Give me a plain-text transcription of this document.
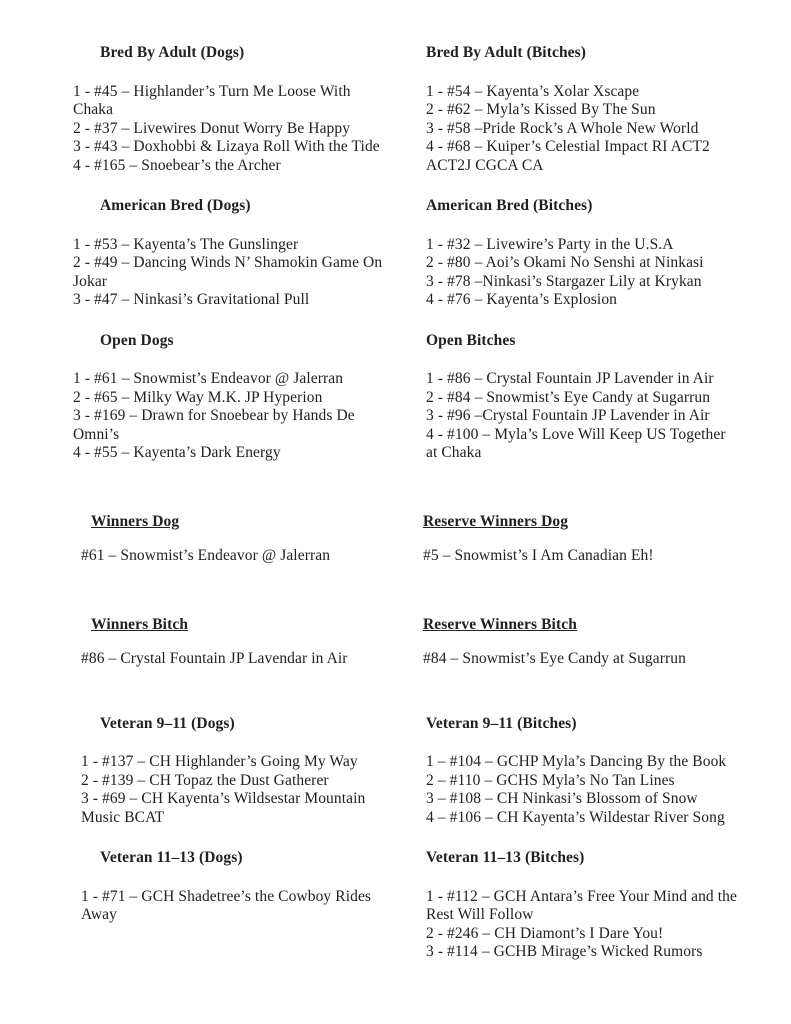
Bred By Adult (Dogs)
1 - #45 – Highlander’s Turn Me Loose With Chaka
2 - #37 – Livewires Donut Worry Be Happy
3 - #43 – Doxhobbi & Lizaya Roll With the Tide
4 - #165 – Snoebear’s the Archer
Bred By Adult (Bitches)
1 - #54 – Kayenta’s Xolar Xscape
2 - #62 – Myla’s Kissed By The Sun
3 - #58 –Pride Rock’s A Whole New World
4 - #68 – Kuiper’s Celestial Impact RI ACT2 ACT2J CGCA CA
American Bred (Dogs)
1 - #53 – Kayenta’s The Gunslinger
2 - #49 – Dancing Winds N’ Shamokin Game On Jokar
3 - #47 – Ninkasi’s Gravitational Pull
American Bred (Bitches)
1 - #32 – Livewire’s Party in the U.S.A
2 - #80 – Aoi’s Okami No Senshi at Ninkasi
3 - #78 –Ninkasi’s Stargazer Lily at Krykan
4 - #76 – Kayenta’s Explosion
Open Dogs
1 - #61 – Snowmist’s Endeavor @ Jalerran
2 - #65 – Milky Way M.K. JP Hyperion
3 - #169 – Drawn for Snoebear by Hands De Omni’s
4 - #55 – Kayenta’s Dark Energy
Open Bitches
1 - #86 – Crystal Fountain JP Lavender in Air
2 - #84 – Snowmist’s Eye Candy at Sugarrun
3 - #96 –Crystal Fountain JP Lavender in Air
4 - #100 – Myla’s Love Will Keep US Together at Chaka
Winners Dog
#61 – Snowmist’s Endeavor @ Jalerran
Reserve Winners Dog
#5 – Snowmist’s I Am Canadian Eh!
Winners Bitch
#86 – Crystal Fountain JP Lavendar in Air
Reserve Winners Bitch
#84 – Snowmist’s Eye Candy at Sugarrun
Veteran 9–11 (Dogs)
1 - #137 – CH Highlander’s Going My Way
2 - #139 – CH Topaz the Dust Gatherer
3 - #69 – CH Kayenta’s Wildsestar Mountain Music BCAT
Veteran 9–11 (Bitches)
1 – #104 – GCHP Myla’s Dancing By the Book
2 – #110 – GCHS Myla’s No Tan Lines
3 – #108 – CH Ninkasi’s Blossom of Snow
4 – #106 – CH Kayenta’s Wildestar River Song
Veteran 11–13 (Dogs)
1 - #71 – GCH Shadetree’s the Cowboy Rides Away
Veteran 11–13 (Bitches)
1 - #112 – GCH Antara’s Free Your Mind and the Rest Will Follow
2 - #246 – CH Diamont’s I Dare You!
3 - #114 – GCHB Mirage’s Wicked Rumors
